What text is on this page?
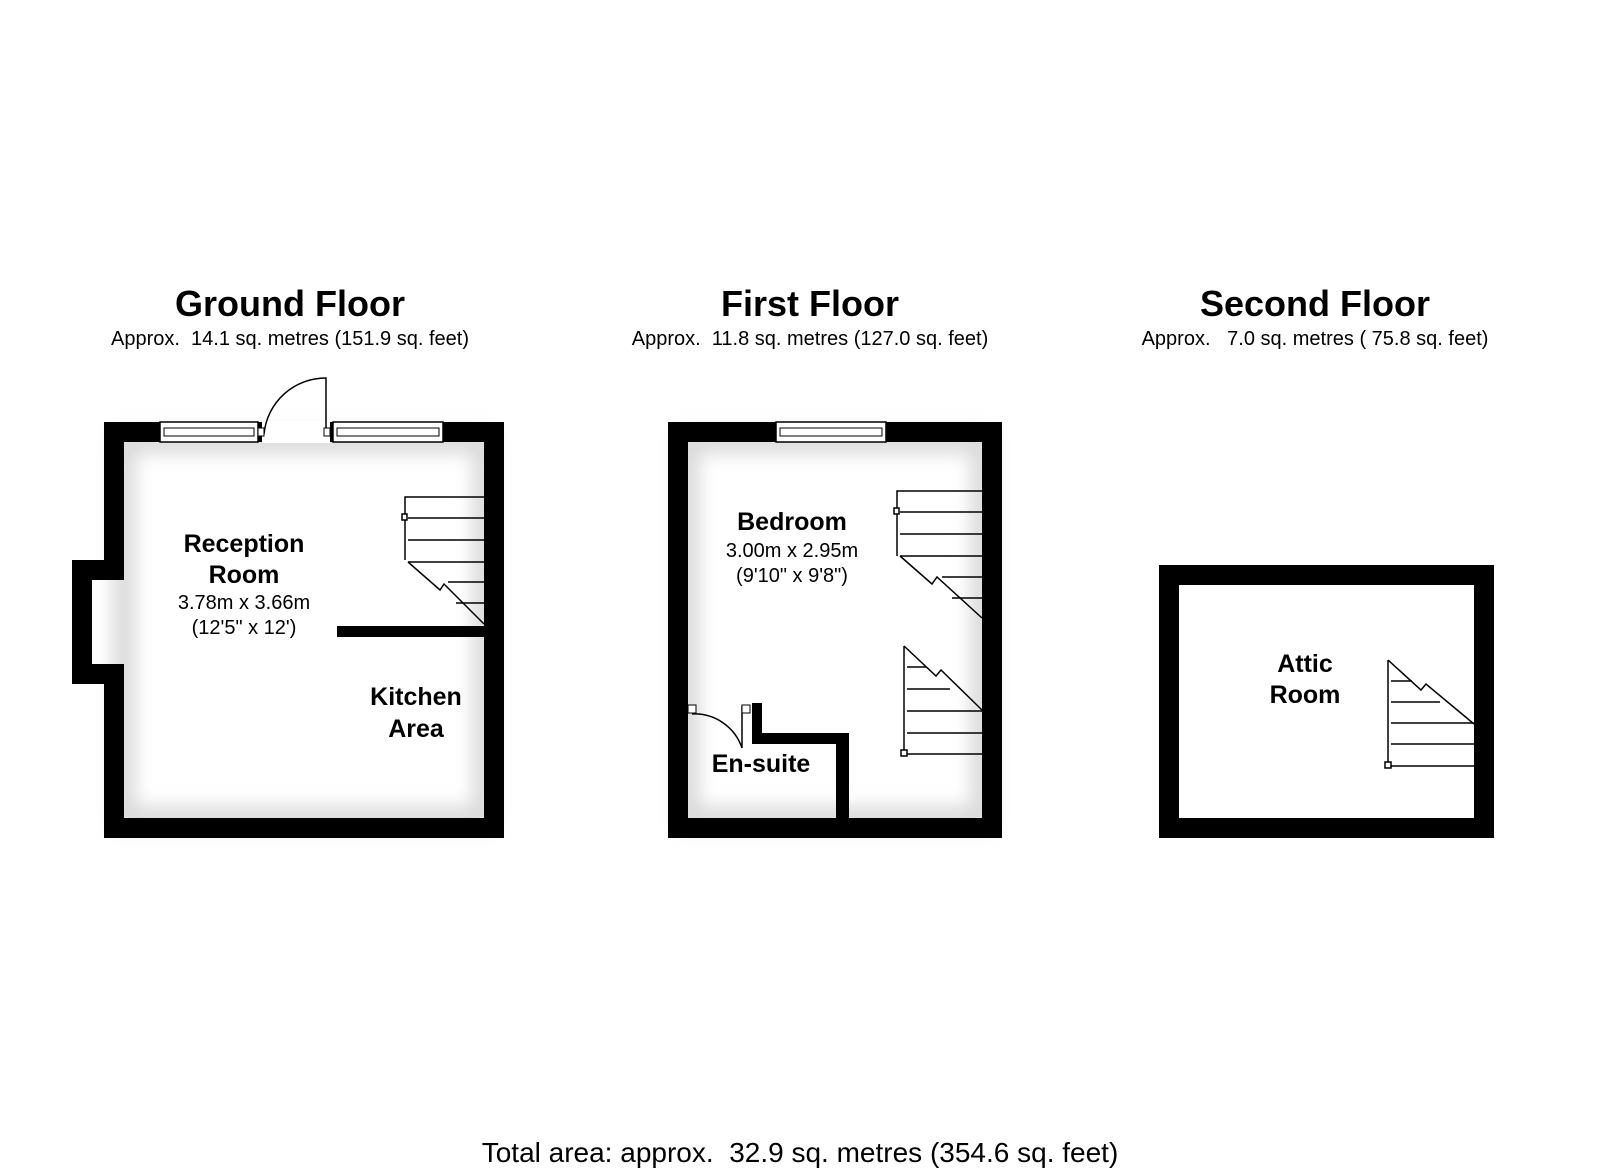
Ground Floor
Approx.  14.1 sq. metres (151.9 sq. feet)
First Floor
Approx.  11.8 sq. metres (127.0 sq. feet)
Second Floor
Approx.   7.0 sq. metres ( 75.8 sq. feet)
Reception
Room
3.78m x 3.66m
(12'5" x 12')
Kitchen
Area
Bedroom
3.00m x 2.95m
(9'10" x 9'8")
En-suite
Attic
Room
Total area: approx.  32.9 sq. metres (354.6 sq. feet)
